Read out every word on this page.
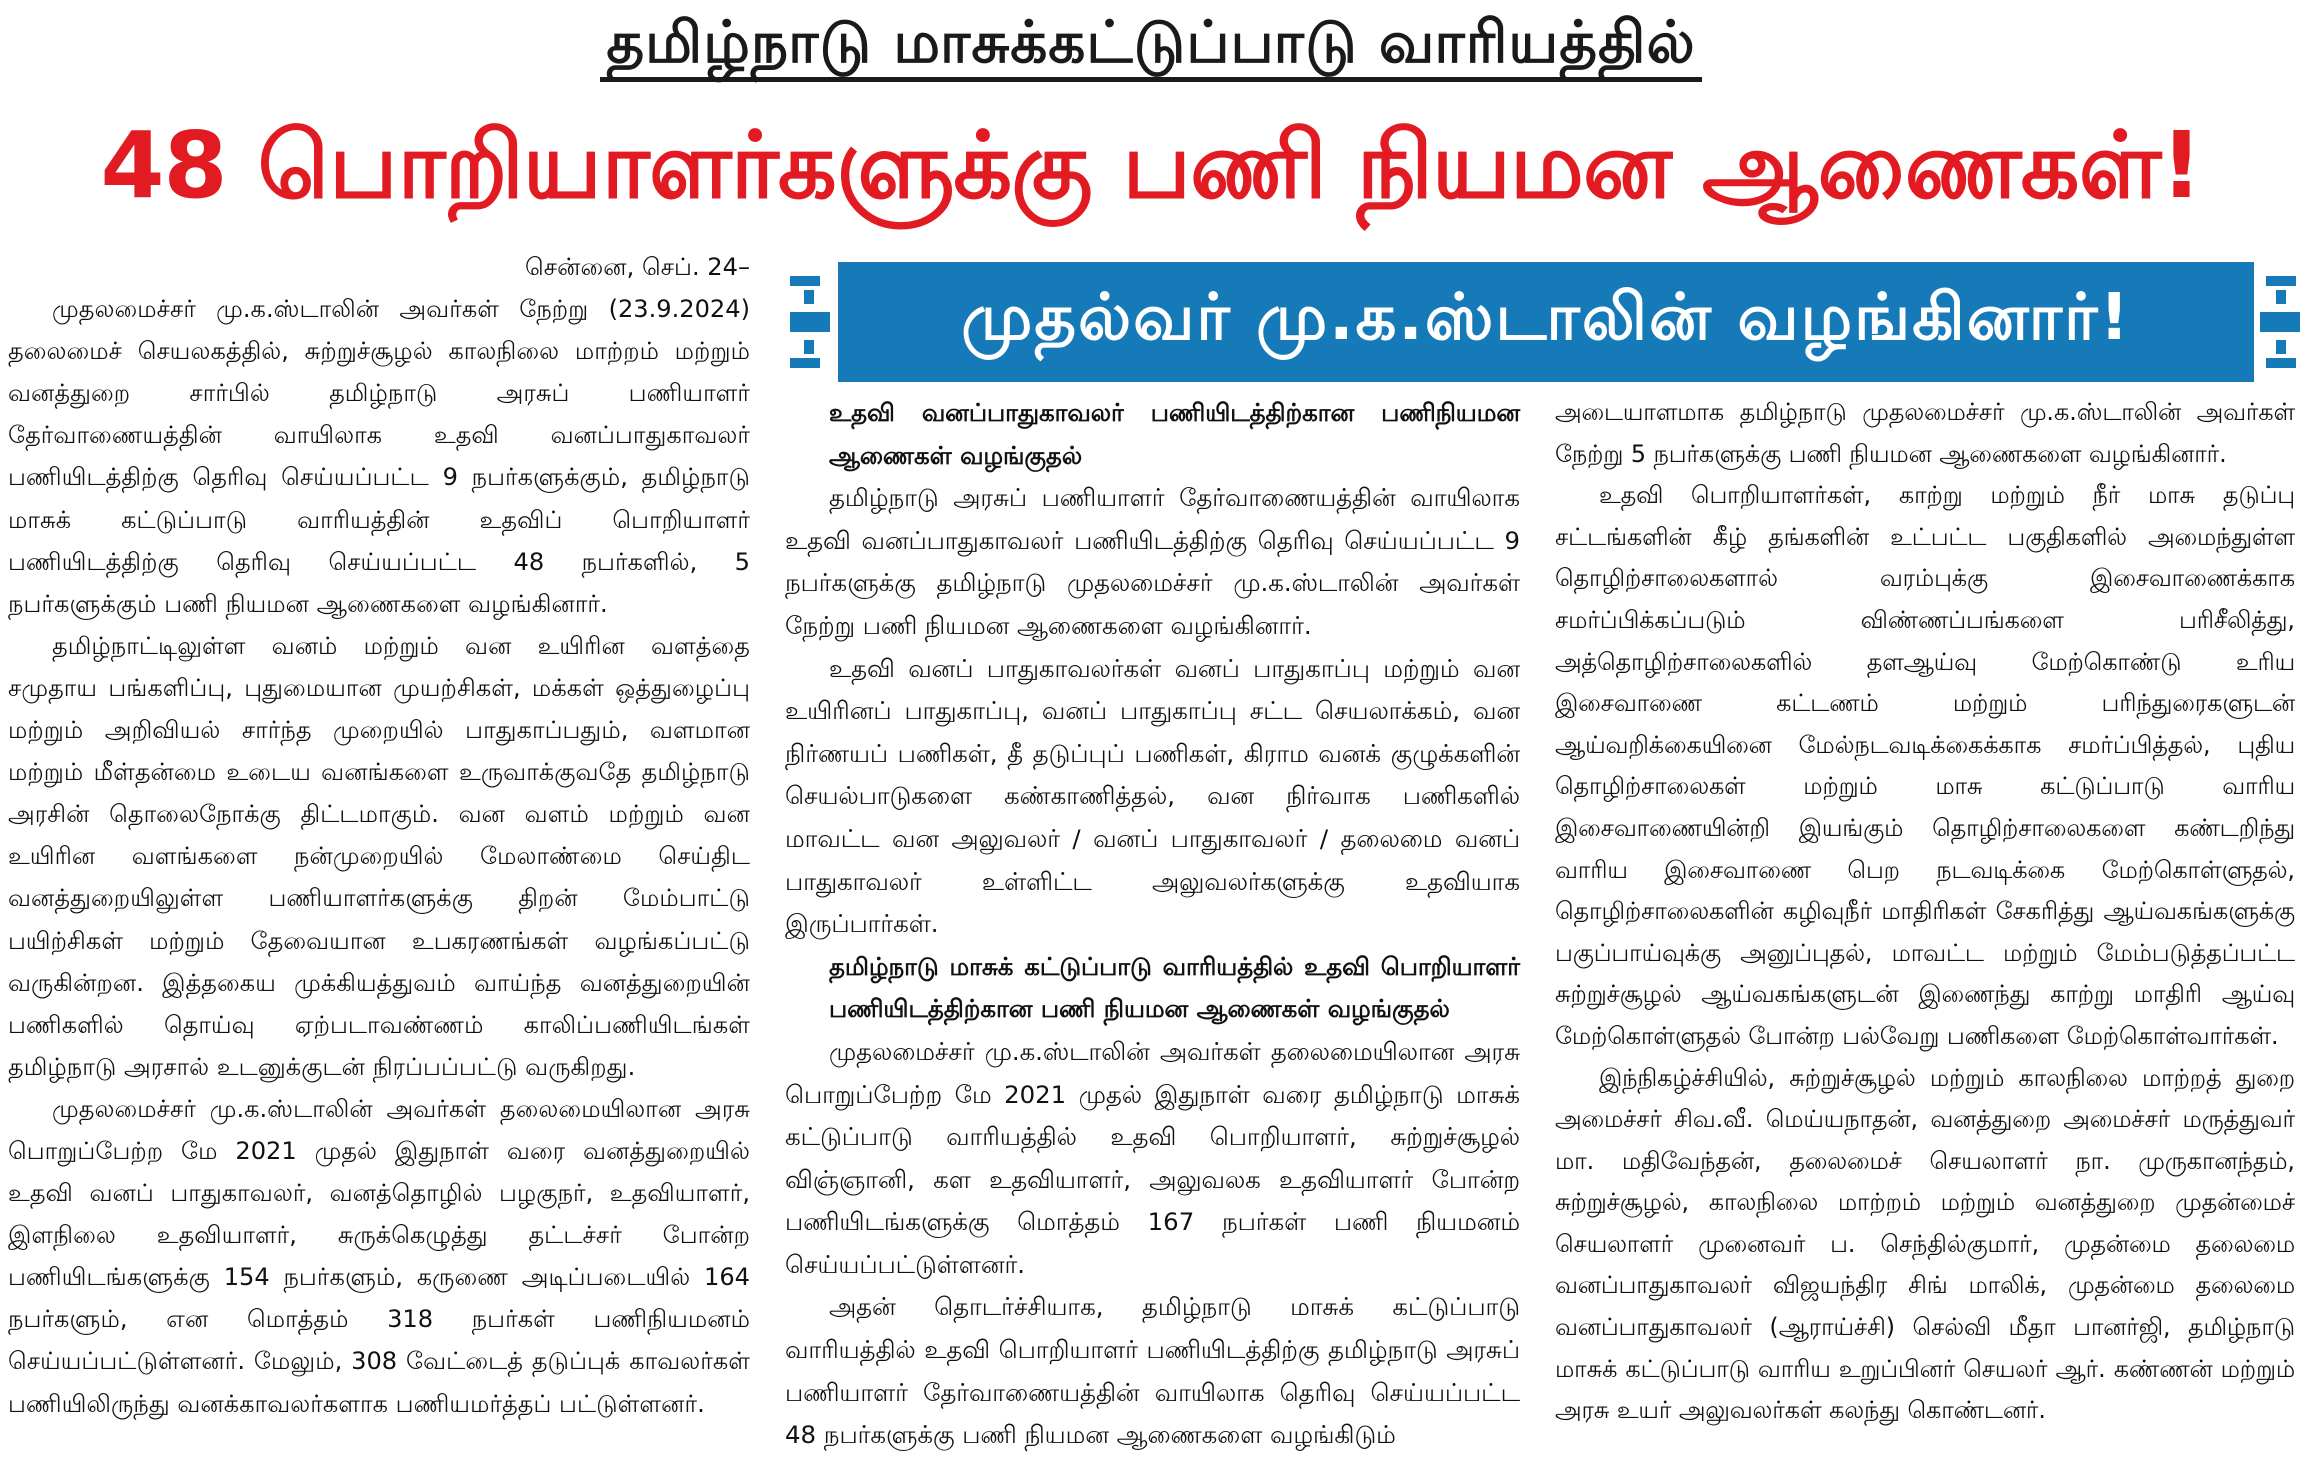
தமிழ்நாடு மாசுக்கட்டுப்பாடு வாரியத்தில்
48 பொறியாளர்களுக்கு பணி நியமன ஆணைகள்!
முதல்வர் மு.க.ஸ்டாலின் வழங்கினார்!

சென்னை, செப். 24–

முதலமைச்சர் மு.க.ஸ்டாலின் அவர்கள் நேற்று (23.9.2024) தலைமைச் செயலகத்தில், சுற்றுச்சூழல் காலநிலை மாற்றம் மற்றும் வனத்துறை சார்பில் தமிழ்நாடு அரசுப் பணியாளர் தேர்வாணையத்தின் வாயிலாக உதவி வனப்பாதுகாவலர் பணியிடத்திற்கு தெரிவு செய்யப்பட்ட 9 நபர்களுக்கும், தமிழ்நாடு மாசுக் கட்டுப்பாடு வாரியத்தின் உதவிப் பொறியாளர் பணியிடத்திற்கு தெரிவு செய்யப்பட்ட 48 நபர்களில், 5 நபர்களுக்கும் பணி நியமன ஆணைகளை வழங்கினார்.

தமிழ்நாட்டிலுள்ள வனம் மற்றும் வன உயிரின வளத்தை சமுதாய பங்களிப்பு, புதுமையான முயற்சிகள், மக்கள் ஒத்துழைப்பு மற்றும் அறிவியல் சார்ந்த முறையில் பாதுகாப்பதும், வளமான மற்றும் மீள்தன்மை உடைய வனங்களை உருவாக்குவதே தமிழ்நாடு அரசின் தொலைநோக்கு திட்டமாகும். வன வளம் மற்றும் வன உயிரின வளங்களை நன்முறையில் மேலாண்மை செய்திட வனத்துறையிலுள்ள பணியாளர்களுக்கு திறன் மேம்பாட்டு பயிற்சிகள் மற்றும் தேவையான உபகரணங்கள் வழங்கப்பட்டு வருகின்றன. இத்தகைய முக்கியத்துவம் வாய்ந்த வனத்துறையின் பணிகளில் தொய்வு ஏற்படாவண்ணம் காலிப்பணியிடங்கள் தமிழ்நாடு அரசால் உடனுக்குடன் நிரப்பப்பட்டு வருகிறது.

முதலமைச்சர் மு.க.ஸ்டாலின் அவர்கள் தலைமையிலான அரசு பொறுப்பேற்ற மே 2021 முதல் இதுநாள் வரை வனத்துறையில் உதவி வனப் பாதுகாவலர், வனத்தொழில் பழகுநர், உதவியாளர், இளநிலை உதவியாளர், சுருக்கெழுத்து தட்டச்சர் போன்ற பணியிடங்களுக்கு 154 நபர்களும், கருணை அடிப்படையில் 164 நபர்களும், என மொத்தம் 318 நபர்கள் பணிநியமனம் செய்யப்பட்டுள்ளனர். மேலும், 308 வேட்டைத் தடுப்புக் காவலர்கள் பணியிலிருந்து வனக்காவலர்களாக பணியமர்த்தப் பட்டுள்ளனர்.

உதவி வனப்பாதுகாவலர் பணியிடத்திற்கான பணிநியமன ஆணைகள் வழங்குதல்

தமிழ்நாடு அரசுப் பணியாளர் தேர்வாணையத்தின் வாயிலாக உதவி வனப்பாதுகாவலர் பணியிடத்திற்கு தெரிவு செய்யப்பட்ட 9 நபர்களுக்கு தமிழ்நாடு முதலமைச்சர் மு.க.ஸ்டாலின் அவர்கள் நேற்று பணி நியமன ஆணைகளை வழங்கினார்.

உதவி வனப் பாதுகாவலர்கள் வனப் பாதுகாப்பு மற்றும் வன உயிரினப் பாதுகாப்பு, வனப் பாதுகாப்பு சட்ட செயலாக்கம், வன நிர்ணயப் பணிகள், தீ தடுப்புப் பணிகள், கிராம வனக் குழுக்களின் செயல்பாடுகளை கண்காணித்தல், வன நிர்வாக பணிகளில் மாவட்ட வன அலுவலர் / வனப் பாதுகாவலர் / தலைமை வனப் பாதுகாவலர் உள்ளிட்ட அலுவலர்களுக்கு உதவியாக இருப்பார்கள்.

தமிழ்நாடு மாசுக் கட்டுப்பாடு வாரியத்தில் உதவி பொறியாளர் பணியிடத்திற்கான பணி நியமன ஆணைகள் வழங்குதல்

முதலமைச்சர் மு.க.ஸ்டாலின் அவர்கள் தலைமையிலான அரசு பொறுப்பேற்ற மே 2021 முதல் இதுநாள் வரை தமிழ்நாடு மாசுக் கட்டுப்பாடு வாரியத்தில் உதவி பொறியாளர், சுற்றுச்சூழல் விஞ்ஞானி, கள உதவியாளர், அலுவலக உதவியாளர் போன்ற பணியிடங்களுக்கு மொத்தம் 167 நபர்கள் பணி நியமனம் செய்யப்பட்டுள்ளனர்.

அதன் தொடர்ச்சியாக, தமிழ்நாடு மாசுக் கட்டுப்பாடு வாரியத்தில் உதவி பொறியாளர் பணியிடத்திற்கு தமிழ்நாடு அரசுப் பணியாளர் தேர்வாணையத்தின் வாயிலாக தெரிவு செய்யப்பட்ட 48 நபர்களுக்கு பணி நியமன ஆணைகளை வழங்கிடும்

அடையாளமாக தமிழ்நாடு முதலமைச்சர் மு.க.ஸ்டாலின் அவர்கள் நேற்று 5 நபர்களுக்கு பணி நியமன ஆணைகளை வழங்கினார்.

உதவி பொறியாளர்கள், காற்று மற்றும் நீர் மாசு தடுப்பு சட்டங்களின் கீழ் தங்களின் உட்பட்ட பகுதிகளில் அமைந்துள்ள தொழிற்சாலைகளால் வரம்புக்கு இசைவாணைக்காக சமர்ப்பிக்கப்படும் விண்ணப்பங்களை பரிசீலித்து, அத்தொழிற்சாலைகளில் தளஆய்வு மேற்கொண்டு உரிய இசைவாணை கட்டணம் மற்றும் பரிந்துரைகளுடன் ஆய்வறிக்கையினை மேல்நடவடிக்கைக்காக சமர்ப்பித்தல், புதிய தொழிற்சாலைகள் மற்றும் மாசு கட்டுப்பாடு வாரிய இசைவாணையின்றி இயங்கும் தொழிற்சாலைகளை கண்டறிந்து வாரிய இசைவாணை பெற நடவடிக்கை மேற்கொள்ளுதல், தொழிற்சாலைகளின் கழிவுநீர் மாதிரிகள் சேகரித்து ஆய்வகங்களுக்கு பகுப்பாய்வுக்கு அனுப்புதல், மாவட்ட மற்றும் மேம்படுத்தப்பட்ட சுற்றுச்சூழல் ஆய்வகங்களுடன் இணைந்து காற்று மாதிரி ஆய்வு மேற்கொள்ளுதல் போன்ற பல்வேறு பணிகளை மேற்கொள்வார்கள்.

இந்நிகழ்ச்சியில், சுற்றுச்சூழல் மற்றும் காலநிலை மாற்றத் துறை அமைச்சர் சிவ.வீ. மெய்யநாதன், வனத்துறை அமைச்சர் மருத்துவர் மா. மதிவேந்தன், தலைமைச் செயலாளர் நா. முருகானந்தம், சுற்றுச்சூழல், காலநிலை மாற்றம் மற்றும் வனத்துறை முதன்மைச் செயலாளர் முனைவர் ப. செந்தில்குமார், முதன்மை தலைமை வனப்பாதுகாவலர் விஜயந்திர சிங் மாலிக், முதன்மை தலைமை வனப்பாதுகாவலர் (ஆராய்ச்சி) செல்வி மீதா பானர்ஜி, தமிழ்நாடு மாசுக் கட்டுப்பாடு வாரிய உறுப்பினர் செயலர் ஆர். கண்ணன் மற்றும் அரசு உயர் அலுவலர்கள் கலந்து கொண்டனர்.
